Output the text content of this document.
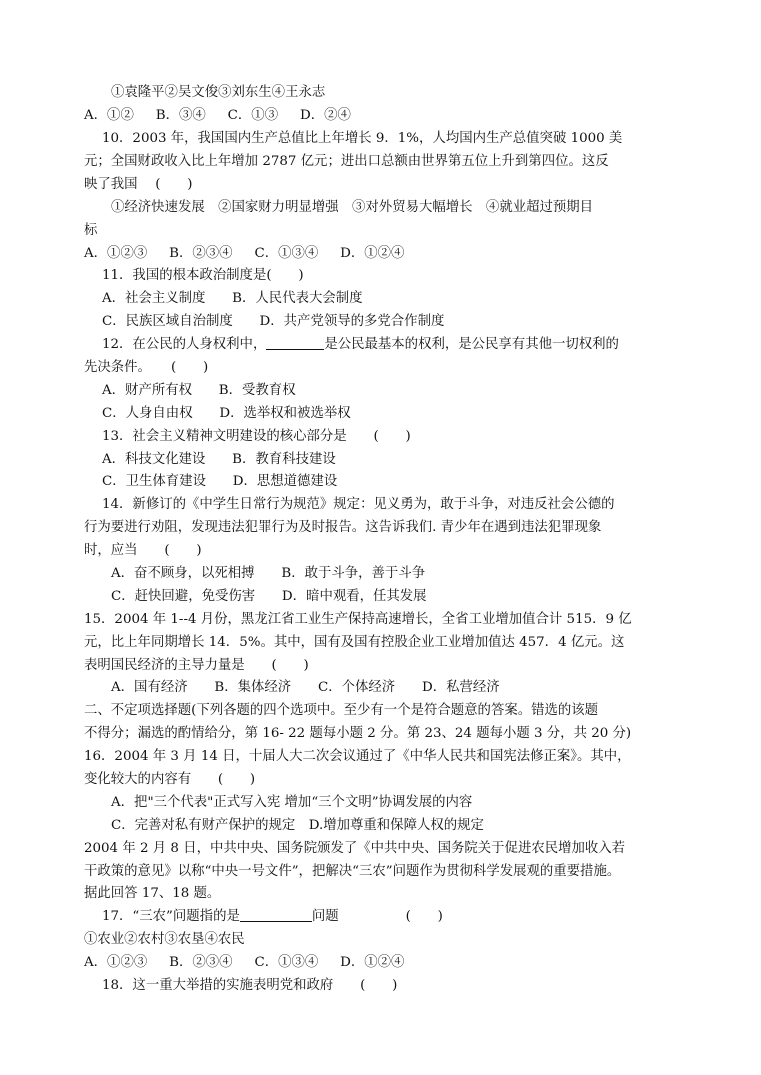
①袁隆平②吴文俊③刘东生④王永志
A．①②　  B．③④　  C．①③　  D．②④
10．2003 年，我国国内生产总值比上年增长 9．1%，人均国内生产总值突破 1000 美
元；全国财政收入比上年增加 2787 亿元；进出口总额由世界第五位上升到第四位。这反
映了我国　 (　　)
①经济快速发展　②国家财力明显增强　③对外贸易大幅增长　④就业超过预期目
标
A．①②③　  B．②③④　  C．①③④　  D．①②④
11．我国的根本政治制度是(　　)
A．社会主义制度　　B．人民代表大会制度
C．民族区域自治制度　　D．共产党领导的多党合作制度
12．在公民的人身权利中，	是公民最基本的权利，是公民享有其他一切权利的
先决条件。　　(　　)
A．财产所有权　　B．受教育权
C．人身自由权　　D．选举权和被选举权
13．社会主义精神文明建设的核心部分是　　(　　)
A．科技文化建设　　B．教育科技建设
C．卫生体育建设　　D．思想道德建设
14．新修订的《中学生日常行为规范》规定：见义勇为，敢于斗争，对违反社会公德的
行为要进行劝阻，发现违法犯罪行为及时报告。这告诉我们. 青少年在遇到违法犯罪现象
时，应当　　(　　)
A．奋不顾身，以死相搏　　B．敢于斗争，善于斗争
C．赶快回避，免受伤害　　D．暗中观看，任其发展
15．2004 年 1--4 月份，黑龙江省工业生产保持高速增长，全省工业增加值合计 515．9 亿
元，比上年同期增长 14．5%。其中，国有及国有控股企业工业增加值达 457．4 亿元。这
表明国民经济的主导力量是　　(　　)
A．国有经济　　B．集体经济　　C．个体经济　　D．私营经济
二、不定项选择题(下列各题的四个选项中。至少有一个是符合题意的答案。错选的该题
不得分；漏选的酌情给分，第 16- 22 题每小题 2 分。第 23、24 题每小题 3 分，共 20 分)
16．2004 年 3 月 14 日，十届人大二次会议通过了《中华人民共和国宪法修正案》。其中，
变化较大的内容有　　(　　)
A．把"三个代表"正式写入宪 增加“三个文明”协调发展的内容
C．完善对私有财产保护的规定　D.增加尊重和保障人权的规定
2004 年 2 月 8 日，中共中央、国务院颁发了《中共中央、国务院关于促进农民增加收入若
干政策的意见》以称“中央一号文件”，把解决“三农”问题作为贯彻科学发展观的重要措施。
据此回答 17、18 题。
17．“三农”问题指的是	问题　　　　　(　　)
①农业②农村③农垦④农民
A．①②③　  B．②③④　  C．①③④　  D．①②④
18．这一重大举措的实施表明党和政府　　(　　)
